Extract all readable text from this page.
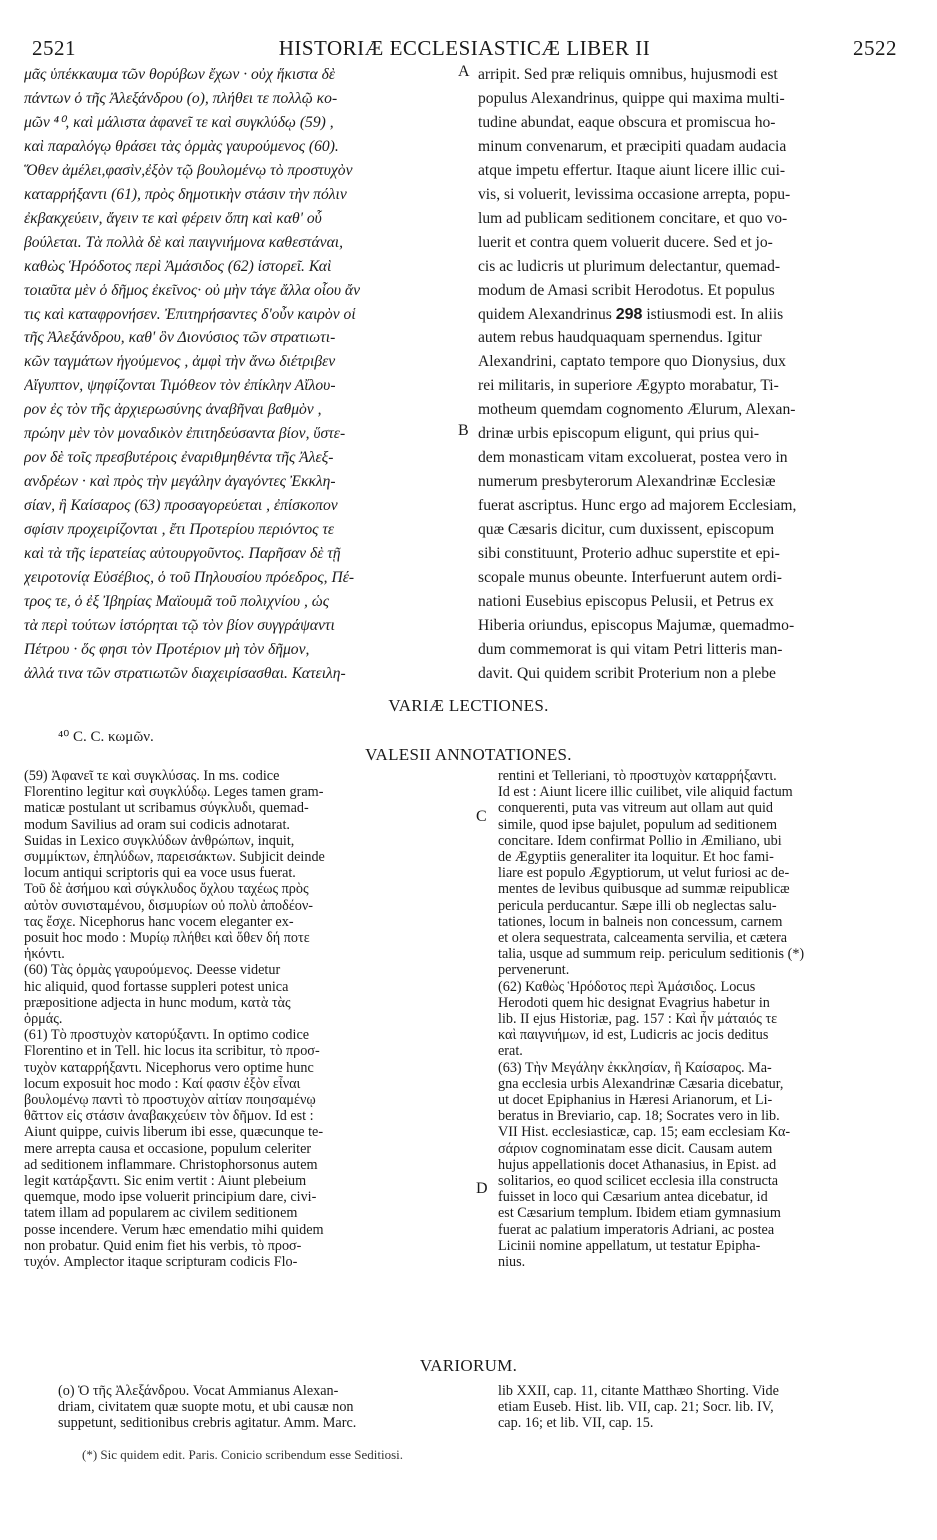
2521	HISTORIÆ ECCLESIASTICÆ LIBER II	2522
μᾶς ὑπέκκαυμα τῶν θορύβων ἔχων · οὐχ ἥκιστα δὲ
πάντων ὁ τῆς Ἀλεξάνδρου (ο), πλήθει τε πολλῷ κο-
μῶν ⁴⁰, καὶ μάλιστα ἀφανεῖ τε καὶ συγκλύδῳ (59) ,
καὶ παραλόγῳ θράσει τὰς ὁρμὰς γαυρούμενος (60).
Ὅθεν ἀμέλει,φασὶν,ἐξὸν τῷ βουλομένῳ τὸ προστυχὸν
καταρρήξαντι (61), πρὸς δημοτικὴν στάσιν τὴν πόλιν
ἐκβακχεύειν, ἄγειν τε καὶ φέρειν ὅπη καὶ καθ' οὗ
βούλεται. Τὰ πολλὰ δὲ καὶ παιγνιήμονα καθεστάναι,
καθὼς Ἡρόδοτος περὶ Ἀμάσιδος (62) ἱστορεῖ. Καὶ
τοιαῦτα μὲν ὁ δῆμος ἐκεῖνος· οὐ μὴν τάγε ἄλλα οἷου ἄν
τις καὶ καταφρονήσεν. Ἐπιτηρήσαντες δ'οὖν καιρὸν οἱ
τῆς Ἀλεξάνδρου, καθ' ὃν Διονύσιος τῶν στρατιωτι-
κῶν ταγμάτων ἡγούμενος , ἀμφὶ τὴν ἄνω διέτριβεν
Αἴγυπτον, ψηφίζονται Τιμόθεον τὸν ἐπίκλην Αἴλου-
ρον ἐς τὸν τῆς ἀρχιερωσύνης ἀναβῆναι βαθμὸν ,
πρώην μὲν τὸν μοναδικὸν ἐπιτηδεύσαντα βίον, ὕστε-
ρον δὲ τοῖς πρεσβυτέροις ἐναριθμηθέντα τῆς Ἀλεξ-
ανδρέων · καὶ πρὸς τὴν μεγάλην ἀγαγόντες Ἐκκλη-
σίαν, ἣ Καίσαρος (63) προσαγορεύεται , ἐπίσκοπον
σφίσιν προχειρίζονται , ἔτι Προτερίου περιόντος τε
καὶ τὰ τῆς ἱερατείας αὐτουργοῦντος. Παρῆσαν δὲ τῇ
χειροτονίᾳ Εὐσέβιος, ὁ τοῦ Πηλουσίου πρόεδρος, Πέ-
τρος τε, ὁ ἐξ Ἰβηρίας Μαϊουμᾶ τοῦ πολιχνίου , ὡς
τὰ περὶ τούτων ἱστόρηται τῷ τὸν βίον συγγράψαντι
Πέτρου · ὅς φησι τὸν Προτέριον μὴ τὸν δῆμον,
ἀλλά τινα τῶν στρατιωτῶν διαχειρίσασθαι. Κατειλη-
arripit. Sed præ reliquis omnibus, hujusmodi est
populus Alexandrinus, quippe qui maxima multi-
tudine abundat, eaque obscura et promiscua ho-
minum convenarum, et præcipiti quadam audacia
atque impetu effertur. Itaque aiunt licere illic cui-
vis, si voluerit, levissima occasione arrepta, popu-
lum ad publicam seditionem concitare, et quo vo-
luerit et contra quem voluerit ducere. Sed et jo-
cis ac ludicris ut plurimum delectantur, quemad-
modum de Amasi scribit Herodotus. Et populus
quidem Alexandrinus 298 istiusmodi est. In aliis
autem rebus haudquaquam spernendus. Igitur
Alexandrini, captato tempore quo Dionysius, dux
rei militaris, in superiore Ægypto morabatur, Ti-
motheum quemdam cognomento Ælurum, Alexan-
drinæ urbis episcopum eligunt, qui prius qui-
dem monasticam vitam excoluerat, postea vero in
numerum presbyterorum Alexandrinæ Ecclesiæ
fuerat ascriptus. Hunc ergo ad majorem Ecclesiam,
quæ Cæsaris dicitur, cum duxissent, episcopum
sibi constituunt, Proterio adhuc superstite et epi-
scopale munus obeunte. Interfuerunt autem ordi-
nationi Eusebius episcopus Pelusii, et Petrus ex
Hiberia oriundus, episcopus Majumæ, quemadmo-
dum commemorat is qui vitam Petri litteris man-
davit. Qui quidem scribit Proterium non a plebe
A
B
C
D
VARIÆ LECTIONES.
⁴⁰ C. C. κωμῶν.
VALESII ANNOTATIONES.
(59) Ἀφανεῖ τε καὶ συγκλύσας. In ms. codice
Florentino legitur καὶ συγκλύδῳ. Leges tamen gram-
maticæ postulant ut scribamus σύγκλυδι, quemad-
modum Savilius ad oram sui codicis adnotarat.
Suidas in Lexico συγκλύδων ἀνθρώπων, inquit,
συμμίκτων, ἐπηλύδων, παρεισάκτων. Subjicit deinde
locum antiqui scriptoris qui ea voce usus fuerat.
Τοῦ δὲ ἀσήμου καὶ σύγκλυδος ὄχλου ταχέως πρὸς
αὐτὸν συνισταμένου, δισμυρίων οὐ πολὺ ἀποδέον-
τας ἔσχε. Nicephorus hanc vocem eleganter ex-
posuit hoc modo : Μυρίῳ πλήθει καὶ ὅθεν δή ποτε
ἡκόντι.
(60) Τὰς ὁρμὰς γαυρούμενος. Deesse videtur
hic aliquid, quod fortasse suppleri potest unica
præpositione adjecta in hunc modum, κατὰ τὰς
ὁρμάς.
(61) Τὸ προστυχὸν κατορύξαντι. In optimo codice
Florentino et in Tell. hic locus ita scribitur, τὸ προσ-
τυχὸν καταρρήξαντι. Nicephorus vero optime hunc
locum exposuit hoc modo : Καί φασιν ἐξὸν εἶναι
βουλομένῳ παντὶ τὸ προστυχὸν αἰτίαν ποιησαμένῳ
θᾶττον εἰς στάσιν ἀναβακχεύειν τὸν δῆμον. Id est :
Aiunt quippe, cuivis liberum ibi esse, quæcunque te-
mere arrepta causa et occasione, populum celeriter
ad seditionem inflammare. Christophorsonus autem
legit κατάρξαντι. Sic enim vertit : Aiunt plebeium
quemque, modo ipse voluerit principium dare, civi-
tatem illam ad popularem ac civilem seditionem
posse incendere. Verum hæc emendatio mihi quidem
non probatur. Quid enim fiet his verbis, τὸ προσ-
τυχόν. Amplector itaque scripturam codicis Flo-
rentini et Telleriani, τὸ προστυχὸν καταρρήξαντι.
Id est : Aiunt licere illic cuilibet, vile aliquid factum
conquerenti, puta vas vitreum aut ollam aut quid
simile, quod ipse bajulet, populum ad seditionem
concitare. Idem confirmat Pollio in Æmiliano, ubi
de Ægyptiis generaliter ita loquitur. Et hoc fami-
liare est populo Ægyptiorum, ut velut furiosi ac de-
mentes de levibus quibusque ad summæ reipublicæ
pericula perducantur. Sæpe illi ob neglectas salu-
tationes, locum in balneis non concessum, carnem
et olera sequestrata, calceamenta servilia, et cætera
talia, usque ad summum reip. periculum seditionis (*)
pervenerunt.
(62) Καθὼς Ἡρόδοτος περὶ Ἀμάσιδος. Locus
Herodoti quem hic designat Evagrius habetur in
lib. II ejus Historiæ, pag. 157 : Καὶ ἦν μάταιός τε
καὶ παιγνιήμων, id est, Ludicris ac jocis deditus
erat.
(63) Τὴν Μεγάλην ἐκκλησίαν, ἣ Καίσαρος. Ma-
gna ecclesia urbis Alexandrinæ Cæsaria dicebatur,
ut docet Epiphanius in Hæresi Arianorum, et Li-
beratus in Breviario, cap. 18; Socrates vero in lib.
VII Hist. ecclesiasticæ, cap. 15; eam ecclesiam Κα-
σάριον cognominatam esse dicit. Causam autem
hujus appellationis docet Athanasius, in Epist. ad
solitarios, eo quod scilicet ecclesia illa constructa
fuisset in loco qui Cæsarium antea dicebatur, id
est Cæsarium templum. Ibidem etiam gymnasium
fuerat ac palatium imperatoris Adriani, ac postea
Licinii nomine appellatum, ut testatur Epipha-
nius.
VARIORUM.
(o) Ὁ τῆς Ἀλεξάνδρου. Vocat Ammianus Alexan-
driam, civitatem quæ suopte motu, et ubi causæ non
suppetunt, seditionibus crebris agitatur. Amm. Marc.
lib XXII, cap. 11, citante Matthæo Shorting. Vide
etiam Euseb. Hist. lib. VII, cap. 21; Socr. lib. IV,
cap. 16; et lib. VII, cap. 15.
(*) Sic quidem edit. Paris. Conicio scribendum esse Seditiosi.
